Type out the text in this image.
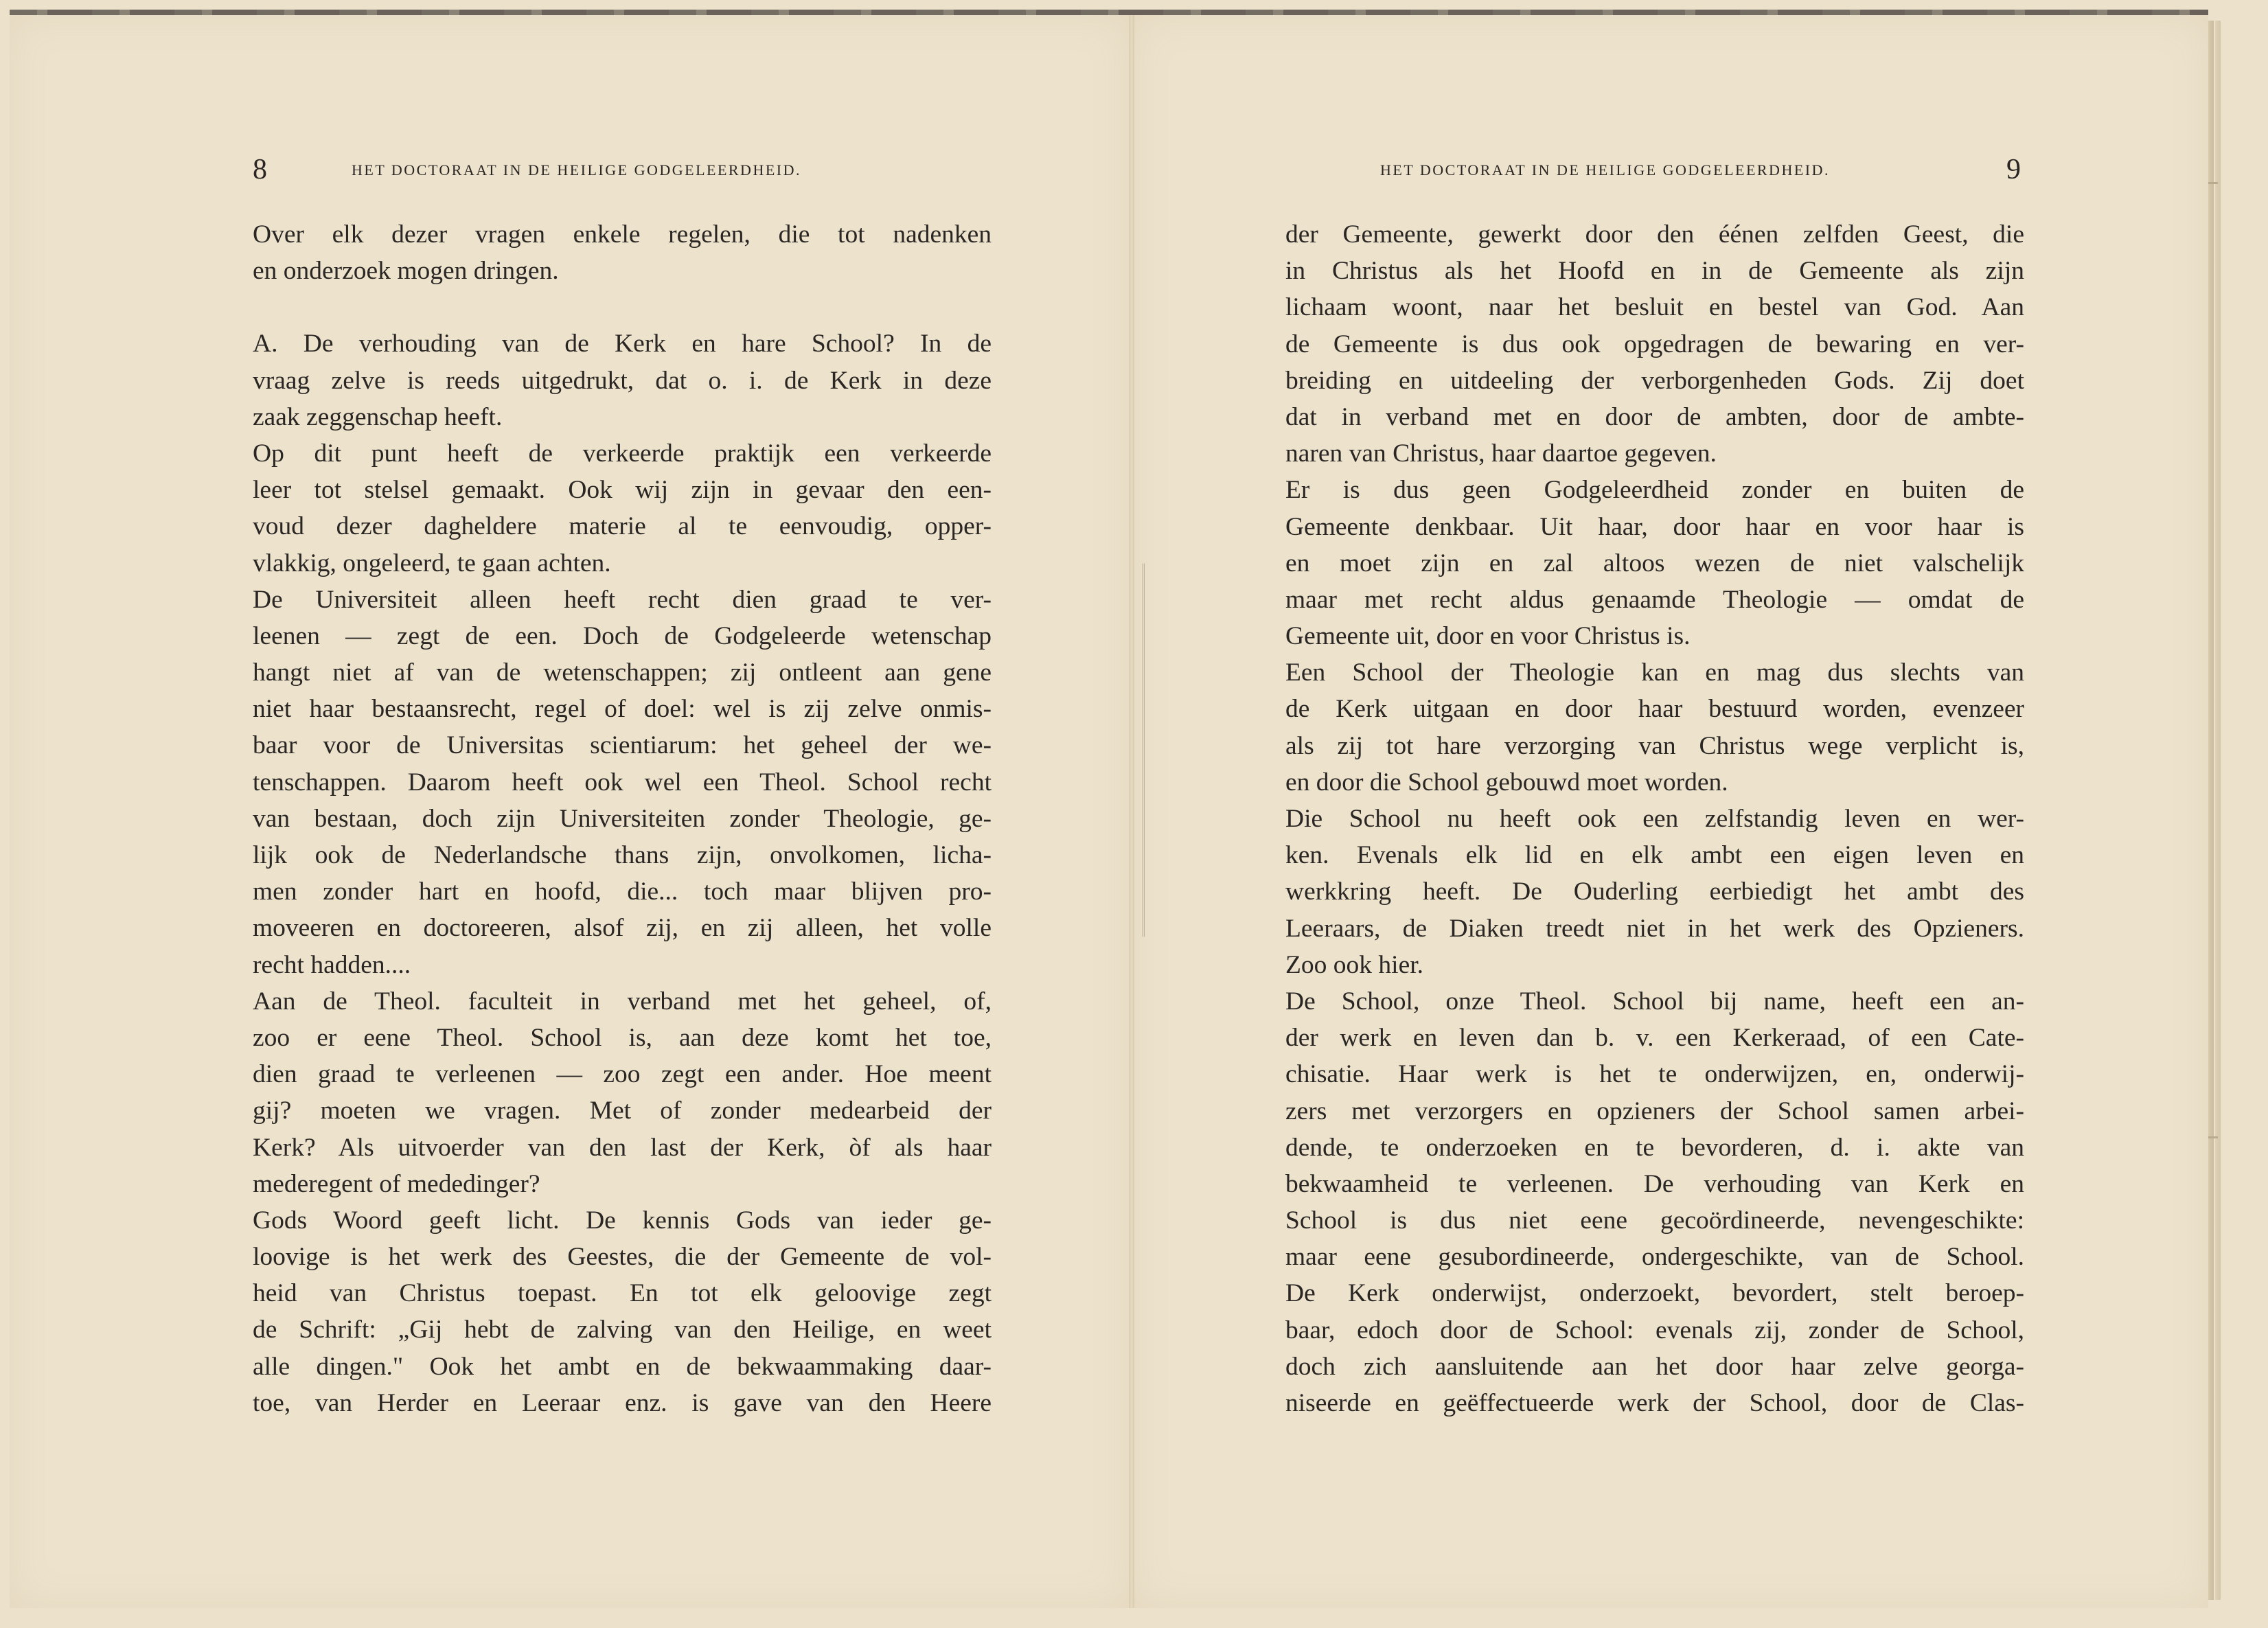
8	HET DOCTORAAT IN DE HEILIGE GODGELEERDHEID.	HET DOCTORAAT IN DE HEILIGE GODGELEERDHEID.	9
Over elk dezer vragen enkele regelen, die tot nadenken
en onderzoek mogen dringen.
A. De verhouding van de Kerk en hare School? In de
vraag zelve is reeds uitgedrukt, dat o. i. de Kerk in deze
zaak zeggenschap heeft.
Op dit punt heeft de verkeerde praktijk een verkeerde
leer tot stelsel gemaakt. Ook wij zijn in gevaar den een-
voud dezer dagheldere materie al te eenvoudig, opper-
vlakkig, ongeleerd, te gaan achten.
De Universiteit alleen heeft recht dien graad te ver-
leenen — zegt de een. Doch de Godgeleerde wetenschap
hangt niet af van de wetenschappen; zij ontleent aan gene
niet haar bestaansrecht, regel of doel: wel is zij zelve onmis-
baar voor de Universitas scientiarum: het geheel der we-
tenschappen. Daarom heeft ook wel een Theol. School recht
van bestaan, doch zijn Universiteiten zonder Theologie, ge-
lijk ook de Nederlandsche thans zijn, onvolkomen, licha-
men zonder hart en hoofd, die... toch maar blijven pro-
moveeren en doctoreeren, alsof zij, en zij alleen, het volle
recht hadden....
Aan de Theol. faculteit in verband met het geheel, of,
zoo er eene Theol. School is, aan deze komt het toe,
dien graad te verleenen — zoo zegt een ander. Hoe meent
gij? moeten we vragen. Met of zonder medearbeid der
Kerk? Als uitvoerder van den last der Kerk, òf als haar
mederegent of mededinger?
Gods Woord geeft licht. De kennis Gods van ieder ge-
loovige is het werk des Geestes, die der Gemeente de vol-
heid van Christus toepast. En tot elk geloovige zegt
de Schrift: „Gij hebt de zalving van den Heilige, en weet
alle dingen." Ook het ambt en de bekwaammaking daar-
toe, van Herder en Leeraar enz. is gave van den Heere
der Gemeente, gewerkt door den éénen zelfden Geest, die
in Christus als het Hoofd en in de Gemeente als zijn
lichaam woont, naar het besluit en bestel van God. Aan
de Gemeente is dus ook opgedragen de bewaring en ver-
breiding en uitdeeling der verborgenheden Gods. Zij doet
dat in verband met en door de ambten, door de ambte-
naren van Christus, haar daartoe gegeven.
Er is dus geen Godgeleerdheid zonder en buiten de
Gemeente denkbaar. Uit haar, door haar en voor haar is
en moet zijn en zal altoos wezen de niet valschelijk
maar met recht aldus genaamde Theologie — omdat de
Gemeente uit, door en voor Christus is.
Een School der Theologie kan en mag dus slechts van
de Kerk uitgaan en door haar bestuurd worden, evenzeer
als zij tot hare verzorging van Christus wege verplicht is,
en door die School gebouwd moet worden.
Die School nu heeft ook een zelfstandig leven en wer-
ken. Evenals elk lid en elk ambt een eigen leven en
werkkring heeft. De Ouderling eerbiedigt het ambt des
Leeraars, de Diaken treedt niet in het werk des Opzieners.
Zoo ook hier.
De School, onze Theol. School bij name, heeft een an-
der werk en leven dan b. v. een Kerkeraad, of een Cate-
chisatie. Haar werk is het te onderwijzen, en, onderwij-
zers met verzorgers en opzieners der School samen arbei-
dende, te onderzoeken en te bevorderen, d. i. akte van
bekwaamheid te verleenen. De verhouding van Kerk en
School is dus niet eene gecoördineerde, nevengeschikte:
maar eene gesubordineerde, ondergeschikte, van de School.
De Kerk onderwijst, onderzoekt, bevordert, stelt beroep-
baar, edoch door de School: evenals zij, zonder de School,
doch zich aansluitende aan het door haar zelve georga-
niseerde en geëffectueerde werk der School, door de Clas-
